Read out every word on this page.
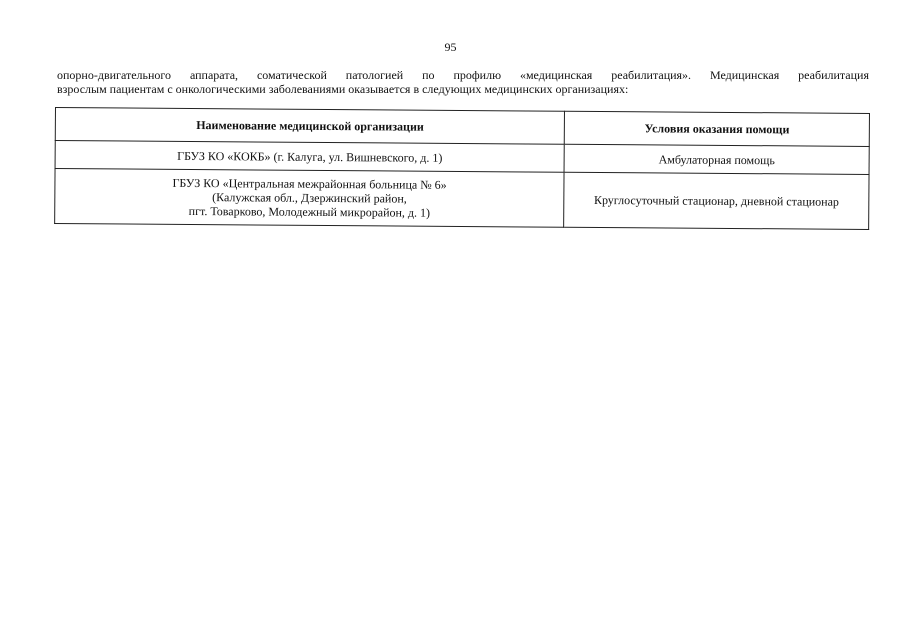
95
опорно-двигательного аппарата, соматической патологией по профилю «медицинская реабилитация». Медицинская реабилитация
взрослым пациентам с онкологическими заболеваниями оказывается в следующих медицинских организациях:
Наименование медицинской организации	Условия оказания помощи

ГБУЗ КО «КОКБ» (г. Калуга, ул. Вишневского, д. 1)	Амбулаторная помощь

ГБУЗ КО «Центральная межрайонная больница № 6»
(Калужская обл., Дзержинский район,
пгт. Товарково, Молодежный микрорайон, д. 1)	Круглосуточный стационар, дневной стационар
